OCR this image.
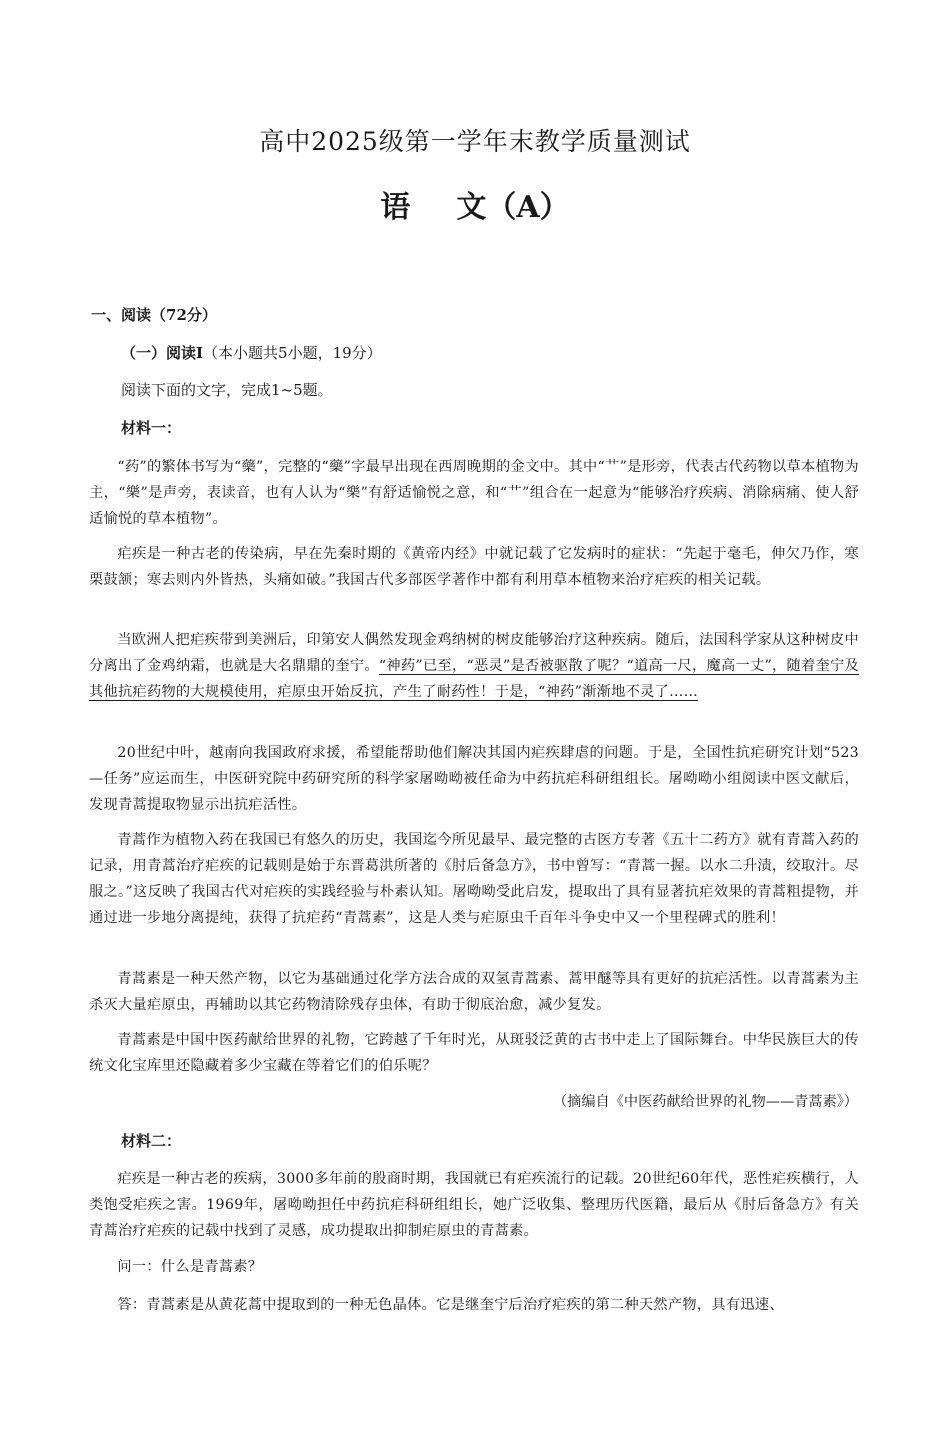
高中2025级第一学年末教学质量测试
语 文（A）
一、阅读（72分）
（一）阅读Ⅰ（本小题共5小题，19分）
阅读下面的文字，完成1~5题。
材料一：
“药”的繁体书写为“藥”，完整的“藥”字最早出现在西周晚期的金文中。其中“艹”是形旁，代表古代药物以草本植物为主，“樂”是声旁，表读音，也有人认为“樂”有舒适愉悦之意，和“艹”组合在一起意为“能够治疗疾病、消除病痛、使人舒适愉悦的草本植物”。
疟疾是一种古老的传染病，早在先秦时期的《黄帝内经》中就记载了它发病时的症状：“先起于毫毛，伸欠乃作，寒栗鼓颔；寒去则内外皆热，头痛如破。”我国古代多部医学著作中都有利用草本植物来治疗疟疾的相关记载。
当欧洲人把疟疾带到美洲后，印第安人偶然发现金鸡纳树的树皮能够治疗这种疾病。随后，法国科学家从这种树皮中分离出了金鸡纳霜，也就是大名鼎鼎的奎宁。“神药”已至，“恶灵”是否被驱散了呢？“道高一尺，魔高一丈”，随着奎宁及其他抗疟药物的大规模使用，疟原虫开始反抗，产生了耐药性！于是，“神药”渐渐地不灵了……
20世纪中叶，越南向我国政府求援，希望能帮助他们解决其国内疟疾肆虐的问题。于是，全国性抗疟研究计划“523—任务”应运而生，中医研究院中药研究所的科学家屠呦呦被任命为中药抗疟科研组组长。屠呦呦小组阅读中医文献后，发现青蒿提取物显示出抗疟活性。
青蒿作为植物入药在我国已有悠久的历史，我国迄今所见最早、最完整的古医方专著《五十二药方》就有青蒿入药的记录，用青蒿治疗疟疾的记载则是始于东晋葛洪所著的《肘后备急方》，书中曾写：“青蒿一握。以水二升渍，绞取汁。尽服之。”这反映了我国古代对疟疾的实践经验与朴素认知。屠呦呦受此启发，提取出了具有显著抗疟效果的青蒿粗提物，并通过进一步地分离提纯，获得了抗疟药“青蒿素”，这是人类与疟原虫千百年斗争史中又一个里程碑式的胜利！
青蒿素是一种天然产物，以它为基础通过化学方法合成的双氢青蒿素、蒿甲醚等具有更好的抗疟活性。以青蒿素为主杀灭大量疟原虫，再辅助以其它药物清除残存虫体，有助于彻底治愈，减少复发。
青蒿素是中国中医药献给世界的礼物，它跨越了千年时光，从斑驳泛黄的古书中走上了国际舞台。中华民族巨大的传统文化宝库里还隐藏着多少宝藏在等着它们的伯乐呢？
（摘编自《中医药献给世界的礼物——青蒿素》）
材料二：
疟疾是一种古老的疾病，3000多年前的殷商时期，我国就已有疟疾流行的记载。20世纪60年代，恶性疟疾横行，人类饱受疟疾之害。1969年，屠呦呦担任中药抗疟科研组组长，她广泛收集、整理历代医籍，最后从《肘后备急方》有关青蒿治疗疟疾的记载中找到了灵感，成功提取出抑制疟原虫的青蒿素。
问一：什么是青蒿素？
答：青蒿素是从黄花蒿中提取到的一种无色晶体。它是继奎宁后治疗疟疾的第二种天然产物，具有迅速、
